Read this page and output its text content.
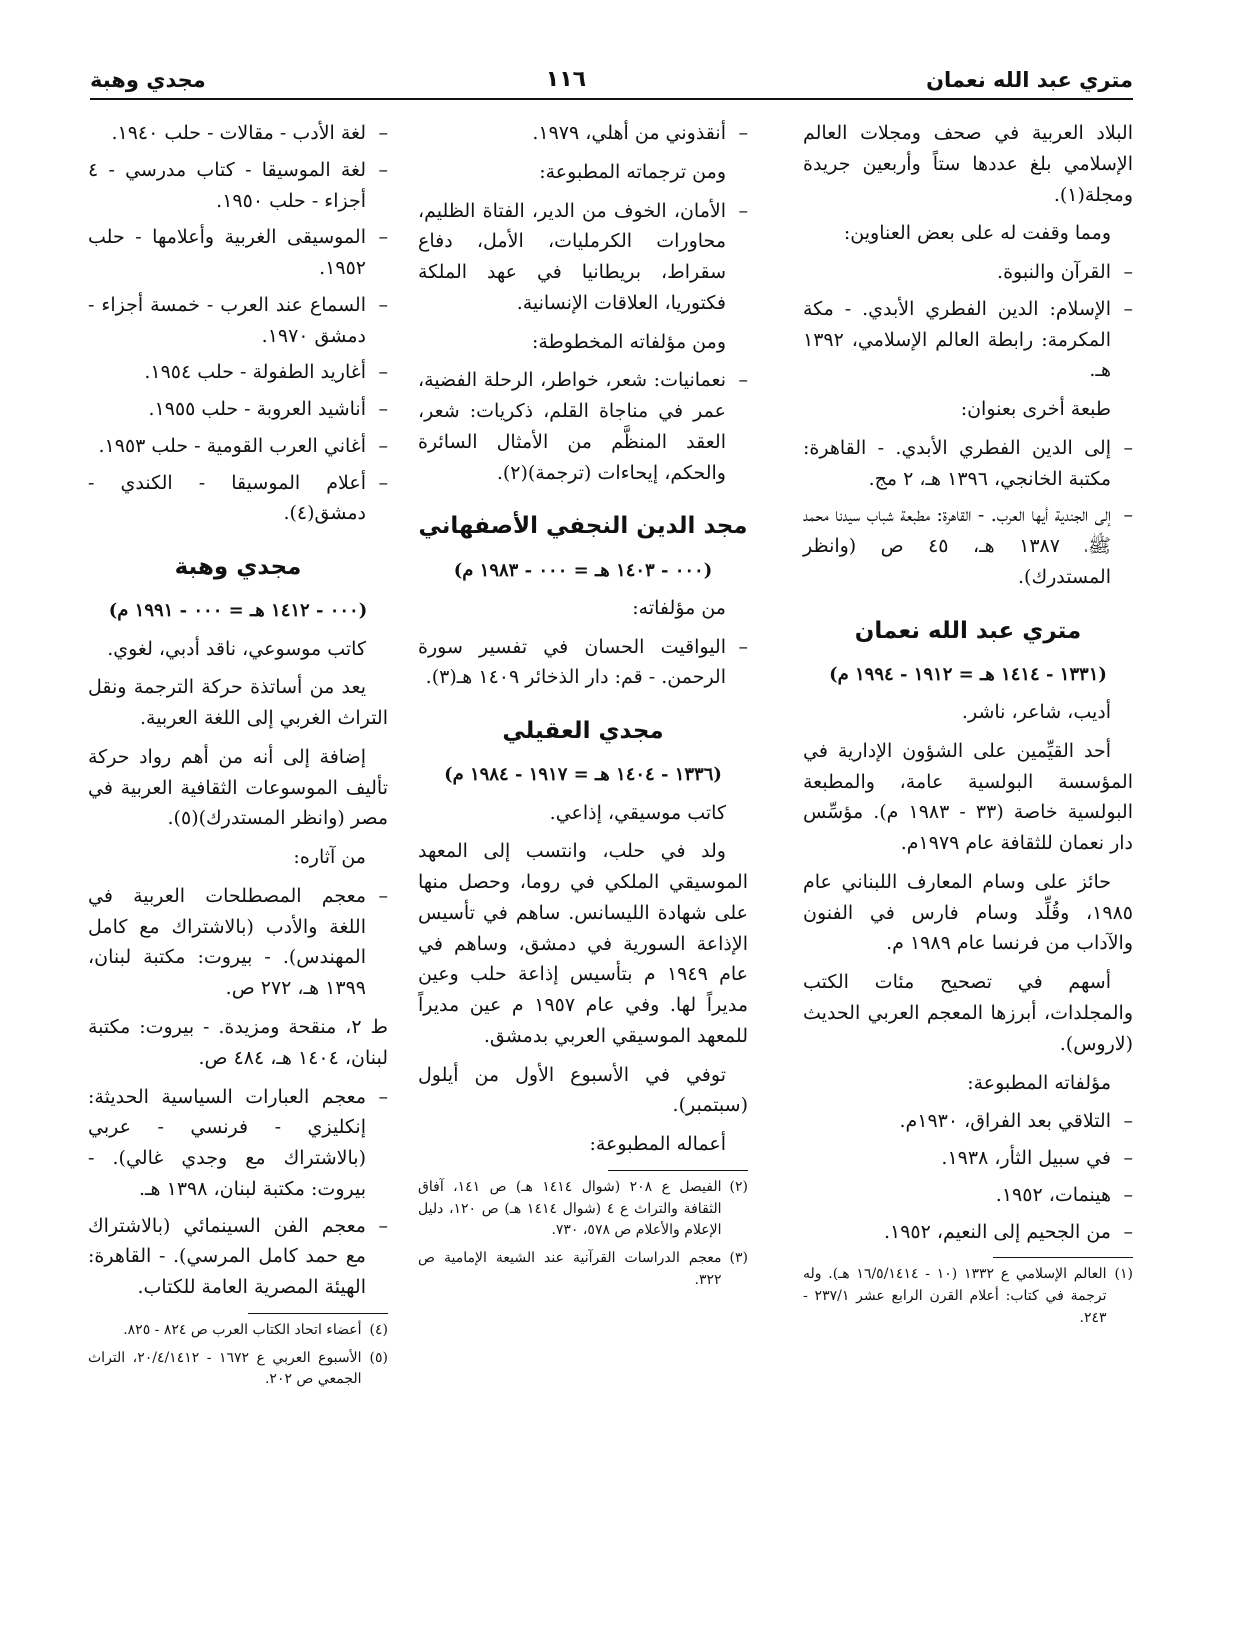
متري عبد الله نعمان
١١٦
مجدي وهبة

البلاد العربية في صحف ومجلات العالم الإسلامي بلغ عددها ستاً وأربعين جريدة ومجلة(١).

ومما وقفت له على بعض العناوين:

– القرآن والنبوة.
– الإسلام: الدين الفطري الأبدي. - مكة المكرمة: رابطة العالم الإسلامي، ١٣٩٢ هـ.

طبعة أخرى بعنوان:

– إلى الدين الفطري الأبدي. - القاهرة: مكتبة الخانجي، ١٣٩٦ هـ، ٢ مج.
– إلى الجندية أيها العرب. - القاهرة: مطبعة شباب سيدنا محمد ﷺ، ١٣٨٧ هـ، ٤٥ ص (وانظر المستدرك).
متري عبد الله نعمان

(١٣٣١ - ١٤١٤ هـ = ١٩١٢ - ١٩٩٤ م)

أديب، شاعر، ناشر.

أحد القيِّمين على الشؤون الإدارية في المؤسسة البولسية عامة، والمطبعة البولسية خاصة (٣٣ - ١٩٨٣ م). مؤسِّس دار نعمان للثقافة عام ١٩٧٩م.

حائز على وسام المعارف اللبناني عام ١٩٨٥، وقُلِّد وسام فارس في الفنون والآداب من فرنسا عام ١٩٨٩ م.

أسهم في تصحيح مئات الكتب والمجلدات، أبرزها المعجم العربي الحديث (لاروس).

مؤلفاته المطبوعة:

– التلاقي بعد الفراق، ١٩٣٠م.
– في سبيل الثأر، ١٩٣٨.
– هينمات، ١٩٥٢.
– من الجحيم إلى النعيم، ١٩٥٢.
(١)
العالم الإسلامي ع ١٣٣٢ (١٠ - ١٦/٥/١٤١٤ هـ). وله ترجمة في كتاب: أعلام القرن الرابع عشر ٢٣٧/١ - ٢٤٣.
– أنقذوني من أهلي، ١٩٧٩.

ومن ترجماته المطبوعة:

– الأمان، الخوف من الدير، الفتاة الظليم، محاورات الكرمليات، الأمل، دفاع سقراط، بريطانيا في عهد الملكة فكتوريا، العلاقات الإنسانية.

ومن مؤلفاته المخطوطة:

– نعمانيات: شعر، خواطر، الرحلة الفضية، عمر في مناجاة القلم، ذكريات: شعر، العقد المنظَّم من الأمثال السائرة والحكم، إيحاءات (ترجمة)(٢).
مجد الدين النجفي الأصفهاني

(٠٠٠ - ١٤٠٣ هـ = ٠٠٠ - ١٩٨٣ م)

من مؤلفاته:

– اليواقيت الحسان في تفسير سورة الرحمن. - قم: دار الذخائر ١٤٠٩ هـ(٣).
مجدي العقيلي

(١٣٣٦ - ١٤٠٤ هـ = ١٩١٧ - ١٩٨٤ م)

كاتب موسيقي، إذاعي.

ولد في حلب، وانتسب إلى المعهد الموسيقي الملكي في روما، وحصل منها على شهادة الليسانس. ساهم في تأسيس الإذاعة السورية في دمشق، وساهم في عام ١٩٤٩ م بتأسيس إذاعة حلب وعين مديراً لها. وفي عام ١٩٥٧ م عين مديراً للمعهد الموسيقي العربي بدمشق.

توفي في الأسبوع الأول من أيلول (سبتمبر).

أعماله المطبوعة:

(٢)
الفيصل ع ٢٠٨ (شوال ١٤١٤ هـ) ص ١٤١، آفاق الثقافة والتراث ع ٤ (شوال ١٤١٤ هـ) ص ١٢٠، دليل الإعلام والأعلام ص ٥٧٨، ٧٣٠.
(٣)
معجم الدراسات القرآنية عند الشيعة الإمامية ص ٣٢٢.
– لغة الأدب - مقالات - حلب ١٩٤٠.
– لغة الموسيقا - كتاب مدرسي - ٤ أجزاء - حلب ١٩٥٠.
– الموسيقى الغربية وأعلامها - حلب ١٩٥٢.
– السماع عند العرب - خمسة أجزاء - دمشق ١٩٧٠.
– أغاريد الطفولة - حلب ١٩٥٤.
– أناشيد العروبة - حلب ١٩٥٥.
– أغاني العرب القومية - حلب ١٩٥٣.
– أعلام الموسيقا - الكندي - دمشق(٤).
مجدي وهبة

(٠٠٠ - ١٤١٢ هـ = ٠٠٠ - ١٩٩١ م)

كاتب موسوعي، ناقد أدبي، لغوي.

يعد من أساتذة حركة الترجمة ونقل التراث الغربي إلى اللغة العربية.

إضافة إلى أنه من أهم رواد حركة تأليف الموسوعات الثقافية العربية في مصر (وانظر المستدرك)(٥).

من آثاره:

– معجم المصطلحات العربية في اللغة والأدب (بالاشتراك مع كامل المهندس). - بيروت: مكتبة لبنان، ١٣٩٩ هـ، ٢٧٢ ص.

ط ٢، منقحة ومزيدة. - بيروت: مكتبة لبنان، ١٤٠٤ هـ، ٤٨٤ ص.

– معجم العبارات السياسية الحديثة: إنكليزي - فرنسي - عربي (بالاشتراك مع وجدي غالي). - بيروت: مكتبة لبنان، ١٣٩٨ هـ.
– معجم الفن السينمائي (بالاشتراك مع حمد كامل المرسي). - القاهرة: الهيئة المصرية العامة للكتاب.
(٤)
أعضاء اتحاد الكتاب العرب ص ٨٢٤ - ٨٢٥.
(٥)
الأسبوع العربي ع ١٦٧٢ - ٢٠/٤/١٤١٢، التراث الجمعي ص ٢٠٢.
